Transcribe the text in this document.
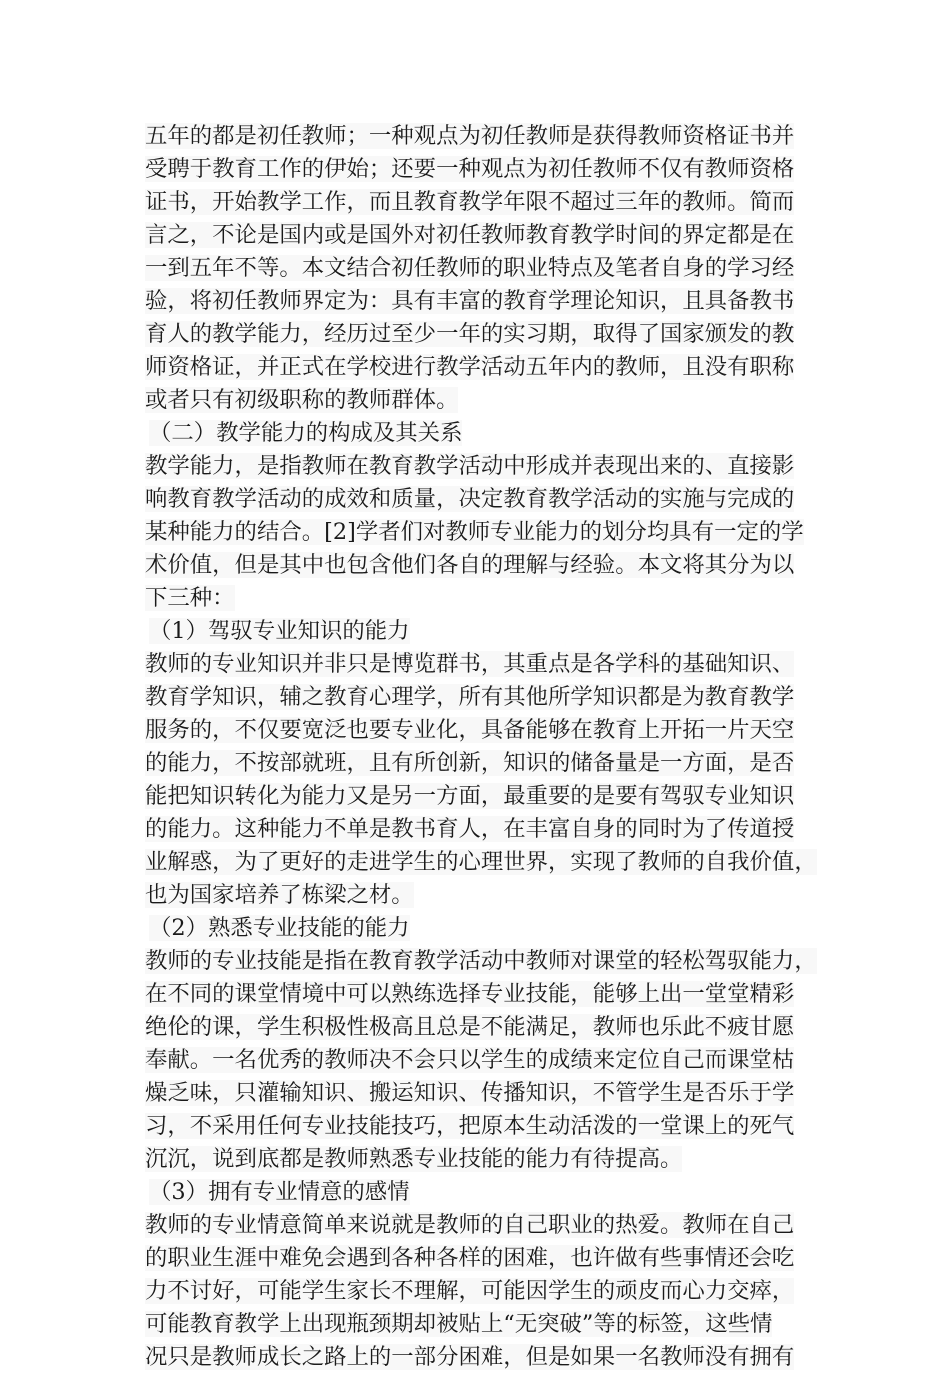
五年的都是初任教师；一种观点为初任教师是获得教师资格证书并
受聘于教育工作的伊始；还要一种观点为初任教师不仅有教师资格
证书，开始教学工作，而且教育教学年限不超过三年的教师。简而
言之，不论是国内或是国外对初任教师教育教学时间的界定都是在
一到五年不等。本文结合初任教师的职业特点及笔者自身的学习经
验，将初任教师界定为：具有丰富的教育学理论知识，且具备教书
育人的教学能力，经历过至少一年的实习期，取得了国家颁发的教
师资格证，并正式在学校进行教学活动五年内的教师，且没有职称
或者只有初级职称的教师群体。
（二）教学能力的构成及其关系
教学能力，是指教师在教育教学活动中形成并表现出来的、直接影
响教育教学活动的成效和质量，决定教育教学活动的实施与完成的
某种能力的结合。[2]学者们对教师专业能力的划分均具有一定的学
术价值，但是其中也包含他们各自的理解与经验。本文将其分为以
下三种：
（1）驾驭专业知识的能力
教师的专业知识并非只是博览群书，其重点是各学科的基础知识、
教育学知识，辅之教育心理学，所有其他所学知识都是为教育教学
服务的，不仅要宽泛也要专业化，具备能够在教育上开拓一片天空
的能力，不按部就班，且有所创新，知识的储备量是一方面，是否
能把知识转化为能力又是另一方面，最重要的是要有驾驭专业知识
的能力。这种能力不单是教书育人，在丰富自身的同时为了传道授
业解惑，为了更好的走进学生的心理世界，实现了教师的自我价值，
也为国家培养了栋梁之材。
（2）熟悉专业技能的能力
教师的专业技能是指在教育教学活动中教师对课堂的轻松驾驭能力，
在不同的课堂情境中可以熟练选择专业技能，能够上出一堂堂精彩
绝伦的课，学生积极性极高且总是不能满足，教师也乐此不疲甘愿
奉献。一名优秀的教师决不会只以学生的成绩来定位自己而课堂枯
燥乏味，只灌输知识、搬运知识、传播知识，不管学生是否乐于学
习，不采用任何专业技能技巧，把原本生动活泼的一堂课上的死气
沉沉，说到底都是教师熟悉专业技能的能力有待提高。
（3）拥有专业情意的感情
教师的专业情意简单来说就是教师的自己职业的热爱。教师在自己
的职业生涯中难免会遇到各种各样的困难，也许做有些事情还会吃
力不讨好，可能学生家长不理解，可能因学生的顽皮而心力交瘁，
可能教育教学上出现瓶颈期却被贴上“无突破”等的标签，这些情
况只是教师成长之路上的一部分困难，但是如果一名教师没有拥有
